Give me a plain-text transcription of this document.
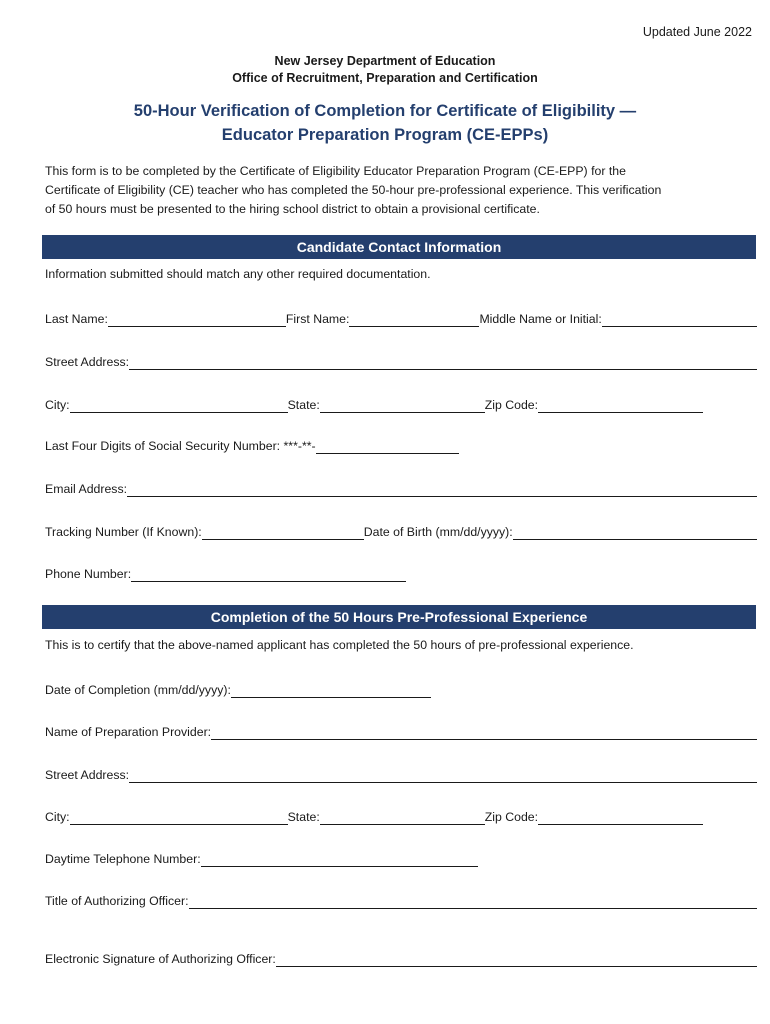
Updated June 2022
New Jersey Department of Education
Office of Recruitment, Preparation and Certification
50-Hour Verification of Completion for Certificate of Eligibility —
Educator Preparation Program (CE-EPPs)
This form is to be completed by the Certificate of Eligibility Educator Preparation Program (CE-EPP) for the
Certificate of Eligibility (CE) teacher who has completed the 50-hour pre-professional experience. This verification
of 50 hours must be presented to the hiring school district to obtain a provisional certificate.
Candidate Contact Information
Information submitted should match any other required documentation.
Last Name:	First Name:	Middle Name or Initial:
Street Address:
City:	State:	Zip Code:
Last Four Digits of Social Security Number: ***-**-
Email Address:
Tracking Number (If Known):	Date of Birth (mm/dd/yyyy):
Phone Number:
Completion of the 50 Hours Pre-Professional Experience
This is to certify that the above-named applicant has completed the 50 hours of pre-professional experience.
Date of Completion (mm/dd/yyyy):
Name of Preparation Provider:
Street Address:
City:	State:	Zip Code:
Daytime Telephone Number:
Title of Authorizing Officer:
Electronic Signature of Authorizing Officer:
